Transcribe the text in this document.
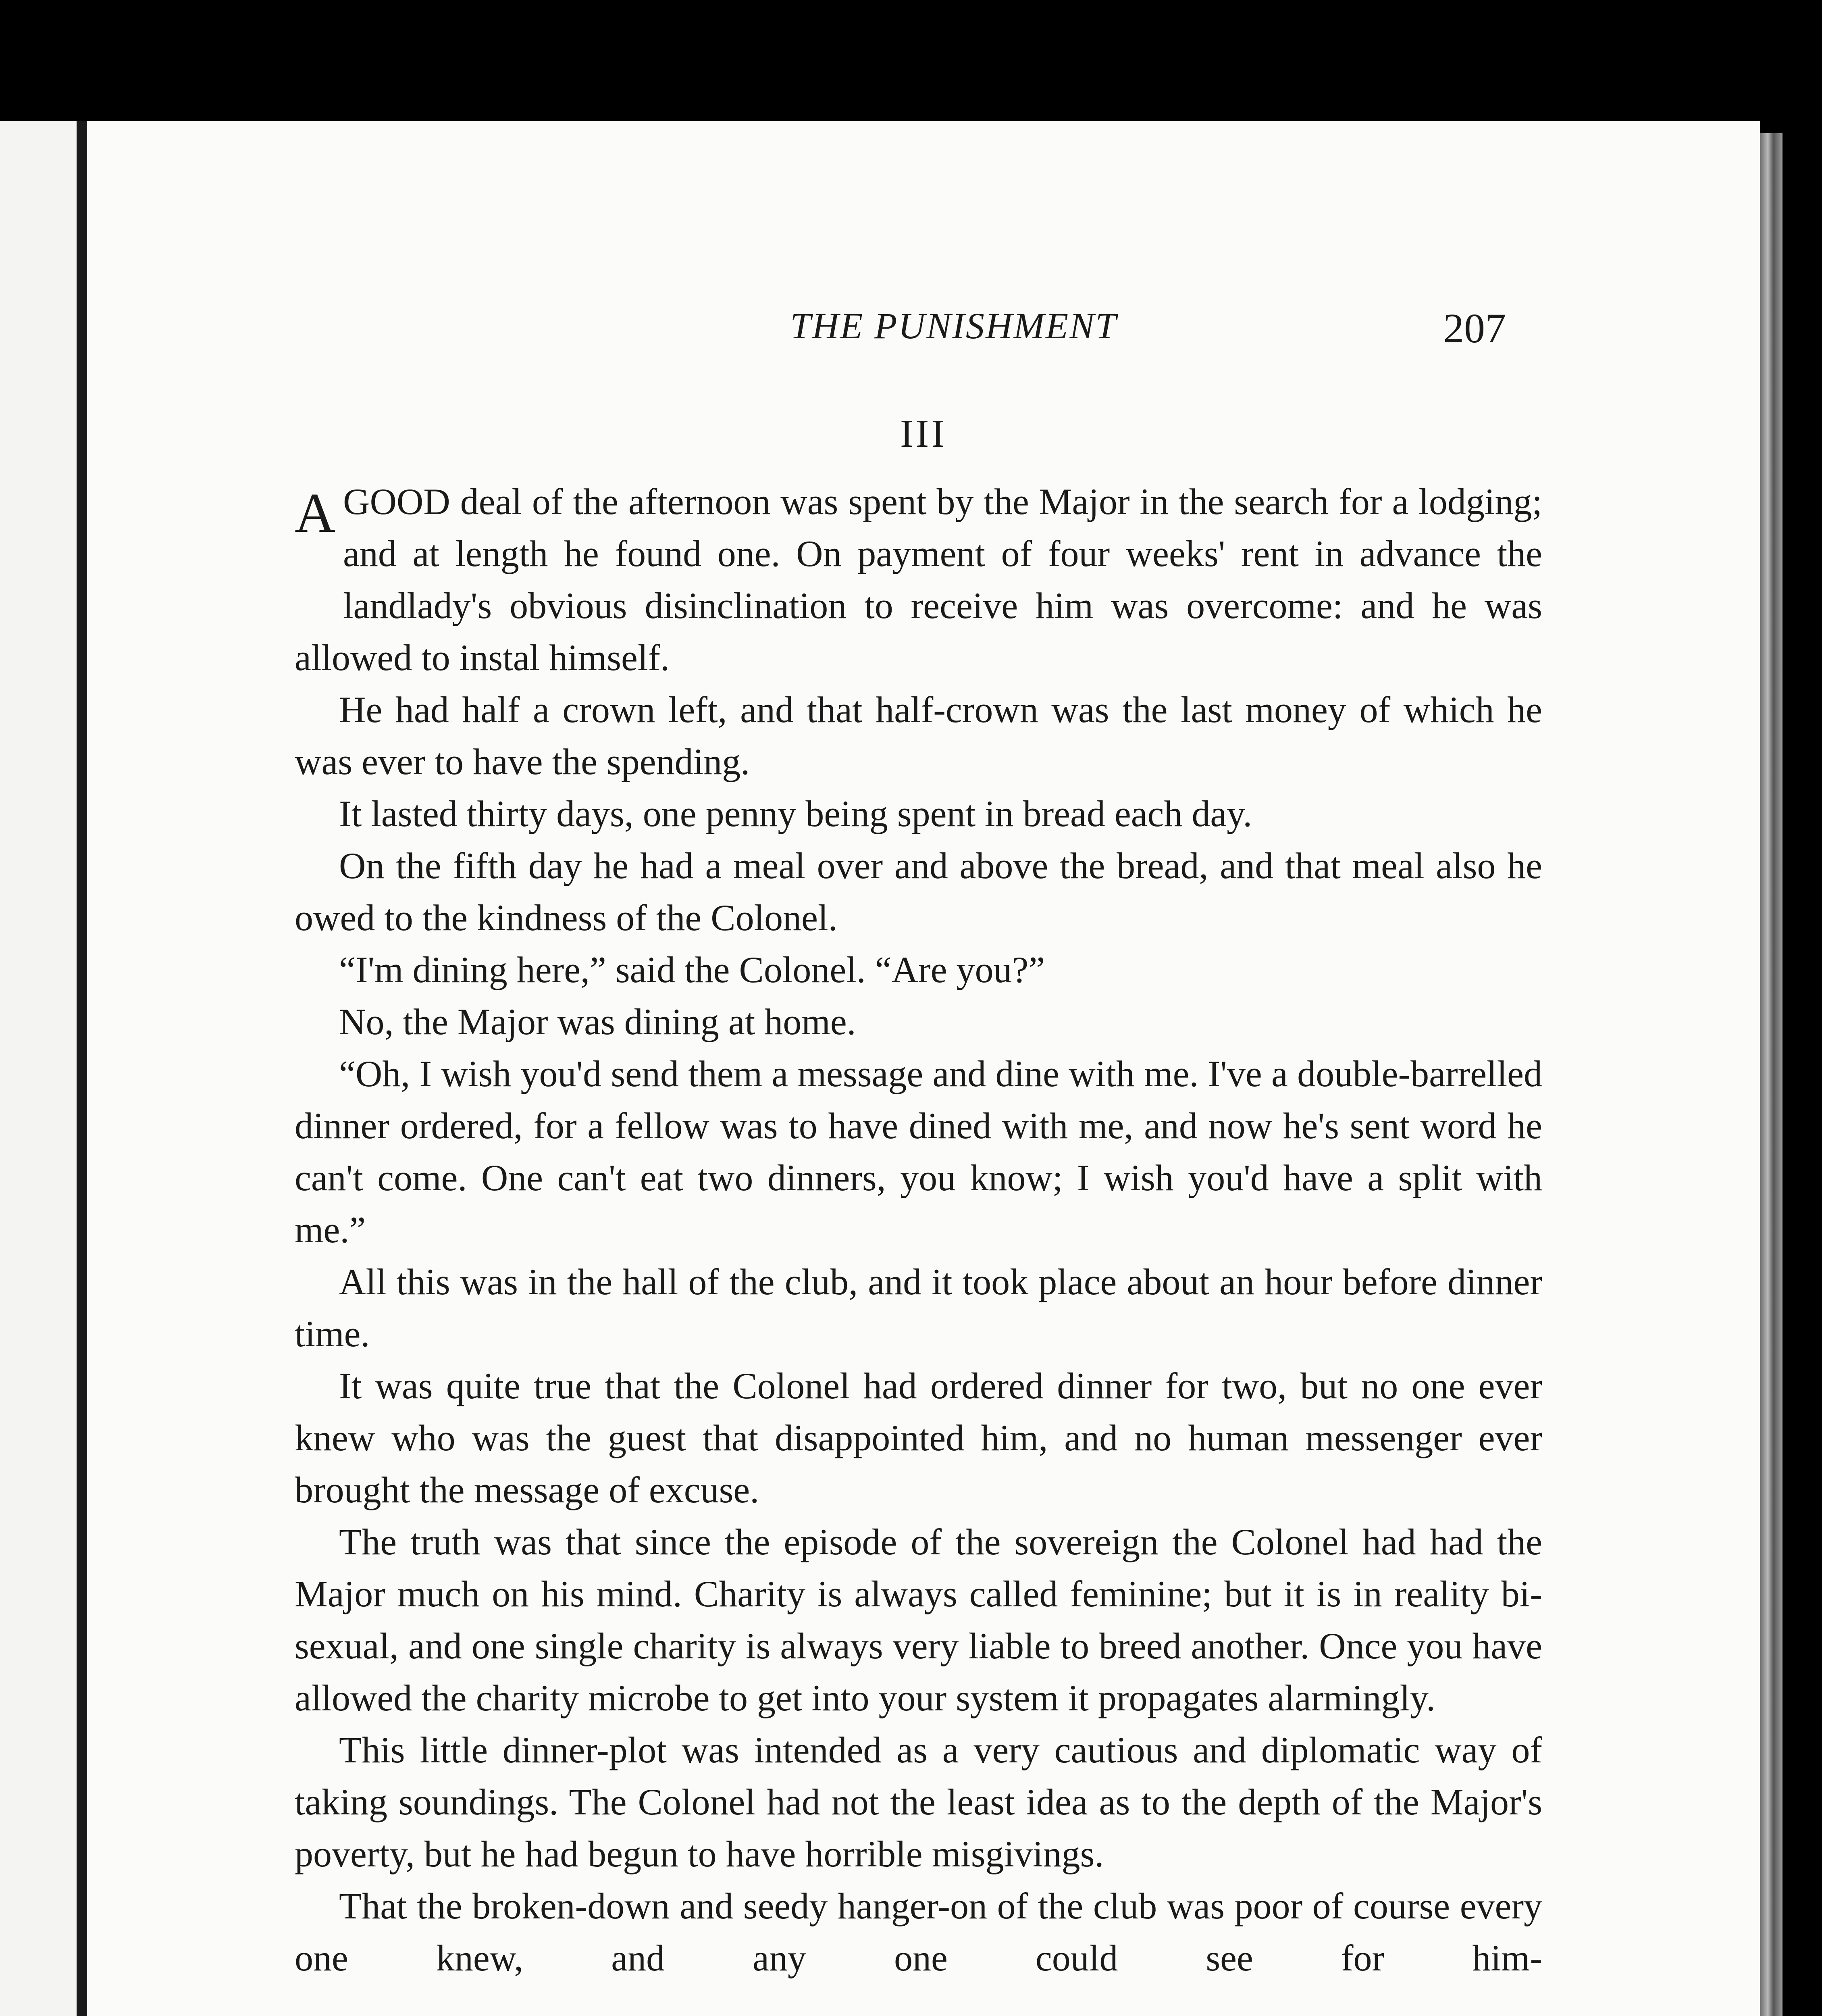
THE PUNISHMENT	207
III

AGOOD deal of the afternoon was spent by the Major in the search for a lodging; and at length he found one. On payment of four weeks' rent in advance the landlady's obvious disinclination to receive him was overcome: and he was allowed to instal himself.

He had half a crown left, and that half-crown was the last money of which he was ever to have the spending.

It lasted thirty days, one penny being spent in bread each day.

On the fifth day he had a meal over and above the bread, and that meal also he owed to the kindness of the Colonel.

“I'm dining here,” said the Colonel. “Are you?”

No, the Major was dining at home.

“Oh, I wish you'd send them a message and dine with me. I've a double-barrelled dinner ordered, for a fellow was to have dined with me, and now he's sent word he can't come. One can't eat two dinners, you know; I wish you'd have a split with me.”

All this was in the hall of the club, and it took place about an hour before dinner time.

It was quite true that the Colonel had ordered dinner for two, but no one ever knew who was the guest that disappointed him, and no human messenger ever brought the message of excuse.

The truth was that since the episode of the sovereign the Colonel had had the Major much on his mind. Charity is always called feminine; but it is in reality bi-sexual, and one single charity is always very liable to breed another. Once you have allowed the charity microbe to get into your system it propagates alarmingly.

This little dinner-plot was intended as a very cautious and diplomatic way of taking soundings. The Colonel had not the least idea as to the depth of the Major's poverty, but he had begun to have horrible misgivings.

That the broken-down and seedy hanger-on of the club was poor of course every one knew, and any one could see for him-
